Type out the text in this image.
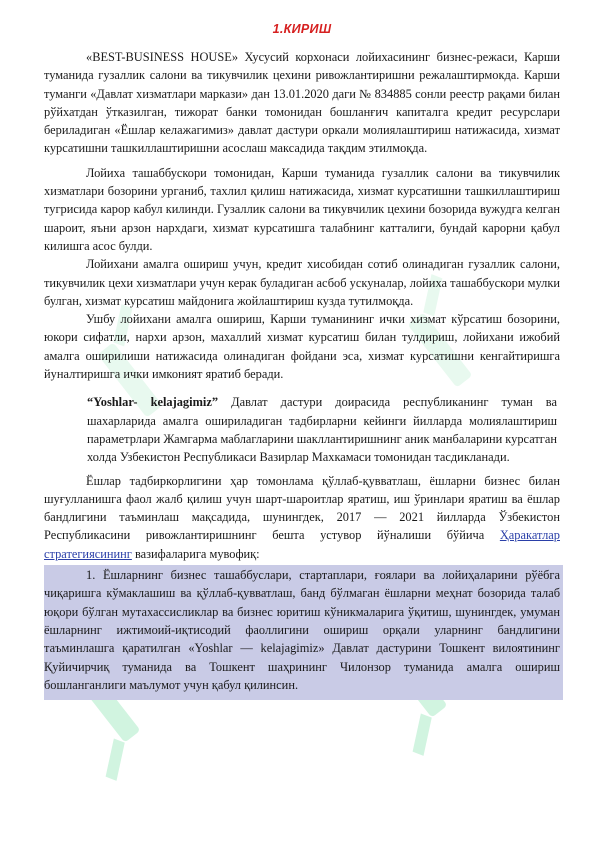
1.КИРИШ

«BEST-BUSINESS HOUSE» Хусусий корхонаси лойихасининг бизнес-режаси, Карши туманида гузаллик салони ва тикувчилик цехини ривожлантиришни режалаштирмокда. Карши туманги «Давлат хизматлари маркази» дан 13.01.2020 даги № 834885 сонли реестр рақами билан рўйхатдан ўтказилган, тижорат банки томонидан бошланғич капиталга кредит ресурслари бериладиган «Ёшлар келажагимиз» давлат дастури оркали молиялаштириш натижасида, хизмат курсатишни ташкиллаштиришни асослаш максадида тақдим этилмоқда.

Лойиха ташаббускори томонидан, Карши туманида гузаллик салони ва тикувчилик хизматлари бозорини урганиб, тахлил қилиш натижасида, хизмат курсатишни ташкиллаштириш тугрисида карор кабул килинди. Гузаллик салони ва тикувчилик цехини бозорида вужудга келган шароит, яъни арзон нархдаги, хизмат курсатишга талабнинг катталиги, бундай карорни қабул килишга асос булди.

Лойихани амалга ошириш учун, кредит хисобидан сотиб олинадиган гузаллик салони, тикувчилик цехи хизматлари учун керак буладиган асбоб ускуналар, лойиха ташаббускори мулки булган, хизмат курсатиш майдонига жойлаштириш кузда тутилмоқда.

Ушбу лойихани амалга ошириш, Карши туманининг ички хизмат кўрсатиш бозорини, юкори сифатли, нархи арзон, махаллий хизмат курсатиш билан тулдириш, лойихани ижобий амалга оширилиши натижасида олинадиган фойдани эса, хизмат курсатишни кенгайтиришга йуналтиришга ички имконият яратиб беради.

“Yoshlar- kelajagimiz” Давлат дастури доирасида республиканинг туман ва шахарларида амалга ошириладиган тадбирларни кейинги йилларда молиялаштириш параметрлари Жамгарма маблагларини шакллантиришнинг аник манбаларини курсатган холда Узбекистон Республикаси Вазирлар Махкамаси томонидан тасдикланади.

Ёшлар тадбиркорлигини ҳар томонлама қўллаб-қувватлаш, ёшларни бизнес билан шуғулланишга фаол жалб қилиш учун шарт-шароитлар яратиш, иш ўринлари яратиш ва ёшлар бандлигини таъминлаш мақсадида, шунингдек, 2017 — 2021 йилларда Ўзбекистон Республикасини ривожлантиришнинг бешта устувор йўналиши бўйича Ҳаракатлар стратегиясининг вазифаларига мувофиқ:

1. Ёшларнинг бизнес ташаббуслари, стартаплари, ғоялари ва лойиҳаларини рўёбга чиқаришга кўмаклашиш ва қўллаб-қувватлаш, банд бўлмаган ёшларни меҳнат бозорида талаб юқори бўлган мутахассисликлар ва бизнес юритиш кўникмаларига ўқитиш, шунингдек, умуман ёшларнинг ижтимоий-иқтисодий фаоллигини ошириш орқали уларнинг бандлигини таъминлашга қаратилган «Yoshlar — kelajagimiz» Давлат дастурини Тошкент вилоятининг Қуйичирчиқ туманида ва Тошкент шаҳрининг Чилонзор туманида амалга ошириш бошланганлиги маълумот учун қабул қилинсин.
